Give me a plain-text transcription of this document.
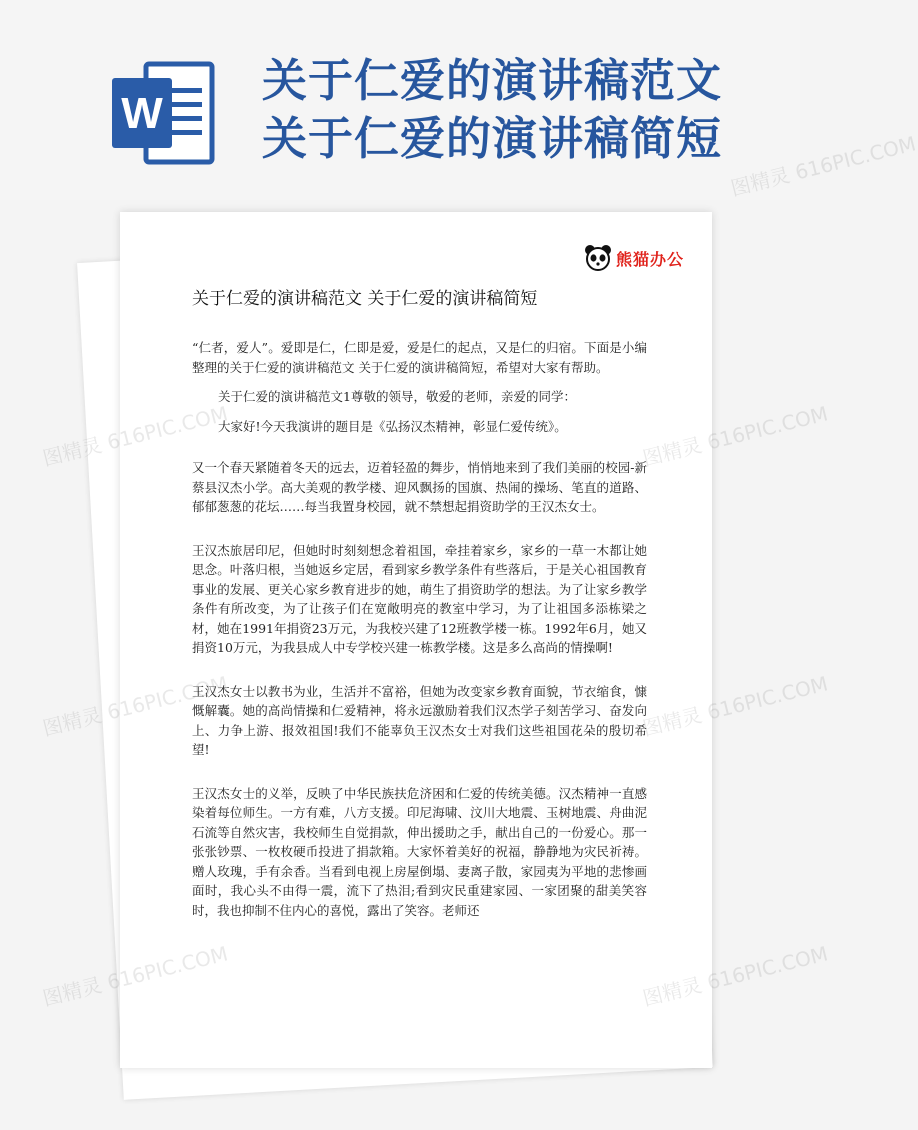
W
关于仁爱的演讲稿范文
关于仁爱的演讲稿简短
熊猫办公
关于仁爱的演讲稿范文 关于仁爱的演讲稿简短

“仁者，爱人”。爱即是仁，仁即是爱，爱是仁的起点，又是仁的归宿。下面是小编整理的关于仁爱的演讲稿范文 关于仁爱的演讲稿简短，希望对大家有帮助。

关于仁爱的演讲稿范文1尊敬的领导，敬爱的老师，亲爱的同学：

大家好!今天我演讲的题目是《弘扬汉杰精神，彰显仁爱传统》。

又一个春天紧随着冬天的远去，迈着轻盈的舞步，悄悄地来到了我们美丽的校园-新蔡县汉杰小学。高大美观的教学楼、迎风飘扬的国旗、热闹的操场、笔直的道路、郁郁葱葱的花坛……每当我置身校园，就不禁想起捐资助学的王汉杰女士。

王汉杰旅居印尼，但她时时刻刻想念着祖国，牵挂着家乡，家乡的一草一木都让她思念。叶落归根，当她返乡定居，看到家乡教学条件有些落后，于是关心祖国教育事业的发展、更关心家乡教育进步的她，萌生了捐资助学的想法。为了让家乡教学条件有所改变，为了让孩子们在宽敞明亮的教室中学习，为了让祖国多添栋梁之材，她在1991年捐资23万元，为我校兴建了12班教学楼一栋。1992年6月，她又捐资10万元，为我县成人中专学校兴建一栋教学楼。这是多么高尚的情操啊!

王汉杰女士以教书为业，生活并不富裕，但她为改变家乡教育面貌，节衣缩食，慷慨解囊。她的高尚情操和仁爱精神，将永远激励着我们汉杰学子刻苦学习、奋发向上、力争上游、报效祖国!我们不能辜负王汉杰女士对我们这些祖国花朵的殷切希望!

王汉杰女士的义举，反映了中华民族扶危济困和仁爱的传统美德。汉杰精神一直感染着每位师生。一方有难，八方支援。印尼海啸、汶川大地震、玉树地震、舟曲泥石流等自然灾害，我校师生自觉捐款，伸出援助之手，献出自己的一份爱心。那一张张钞票、一枚枚硬币投进了捐款箱。大家怀着美好的祝福，静静地为灾民祈祷。赠人玫瑰，手有余香。当看到电视上房屋倒塌、妻离子散，家园夷为平地的悲惨画面时，我心头不由得一震，流下了热泪;看到灾民重建家园、一家团聚的甜美笑容时，我也抑制不住内心的喜悦，露出了笑容。老师还

图精灵 616PIC.COM
图精灵	图精灵 616PIC.COM
图精灵	图精灵 616PIC.COM
图精灵	图精灵 616PIC.COM
